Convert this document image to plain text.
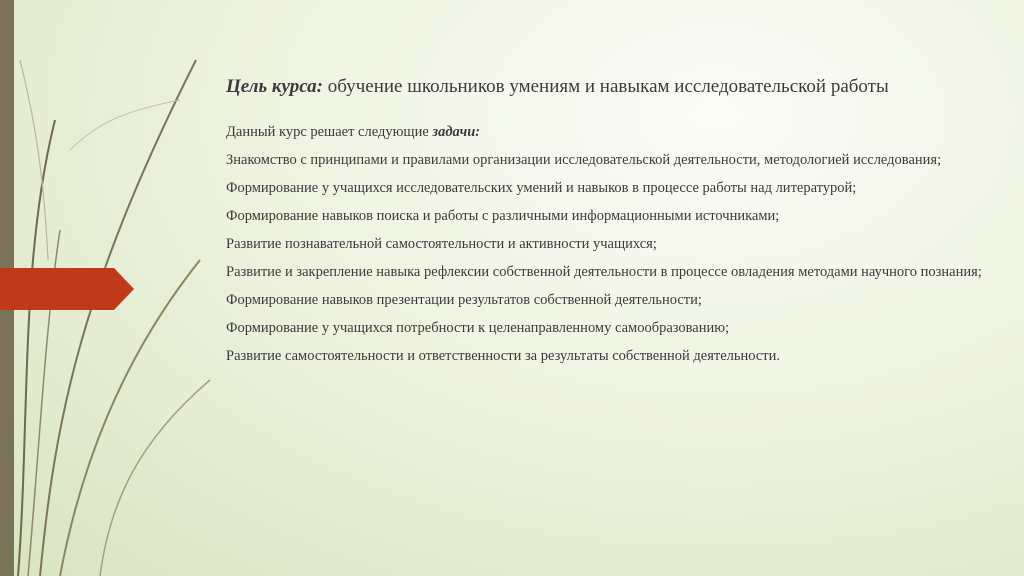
Цель курса: обучение школьников умениям и навыкам исследовательской работы
Данный курс решает следующие задачи:
Знакомство с принципами и правилами организации исследовательской деятельности, методологией исследования;
Формирование у учащихся исследовательских умений и навыков в процессе работы над литературой;
Формирование навыков поиска и работы с различными информационными источниками;
Развитие познавательной самостоятельности и активности учащихся;
Развитие и закрепление навыка рефлексии собственной деятельности в процессе овладения методами научного познания;
Формирование навыков презентации результатов собственной деятельности;
Формирование у учащихся потребности к целенаправленному самообразованию;
Развитие самостоятельности и ответственности за результаты собственной деятельности.
